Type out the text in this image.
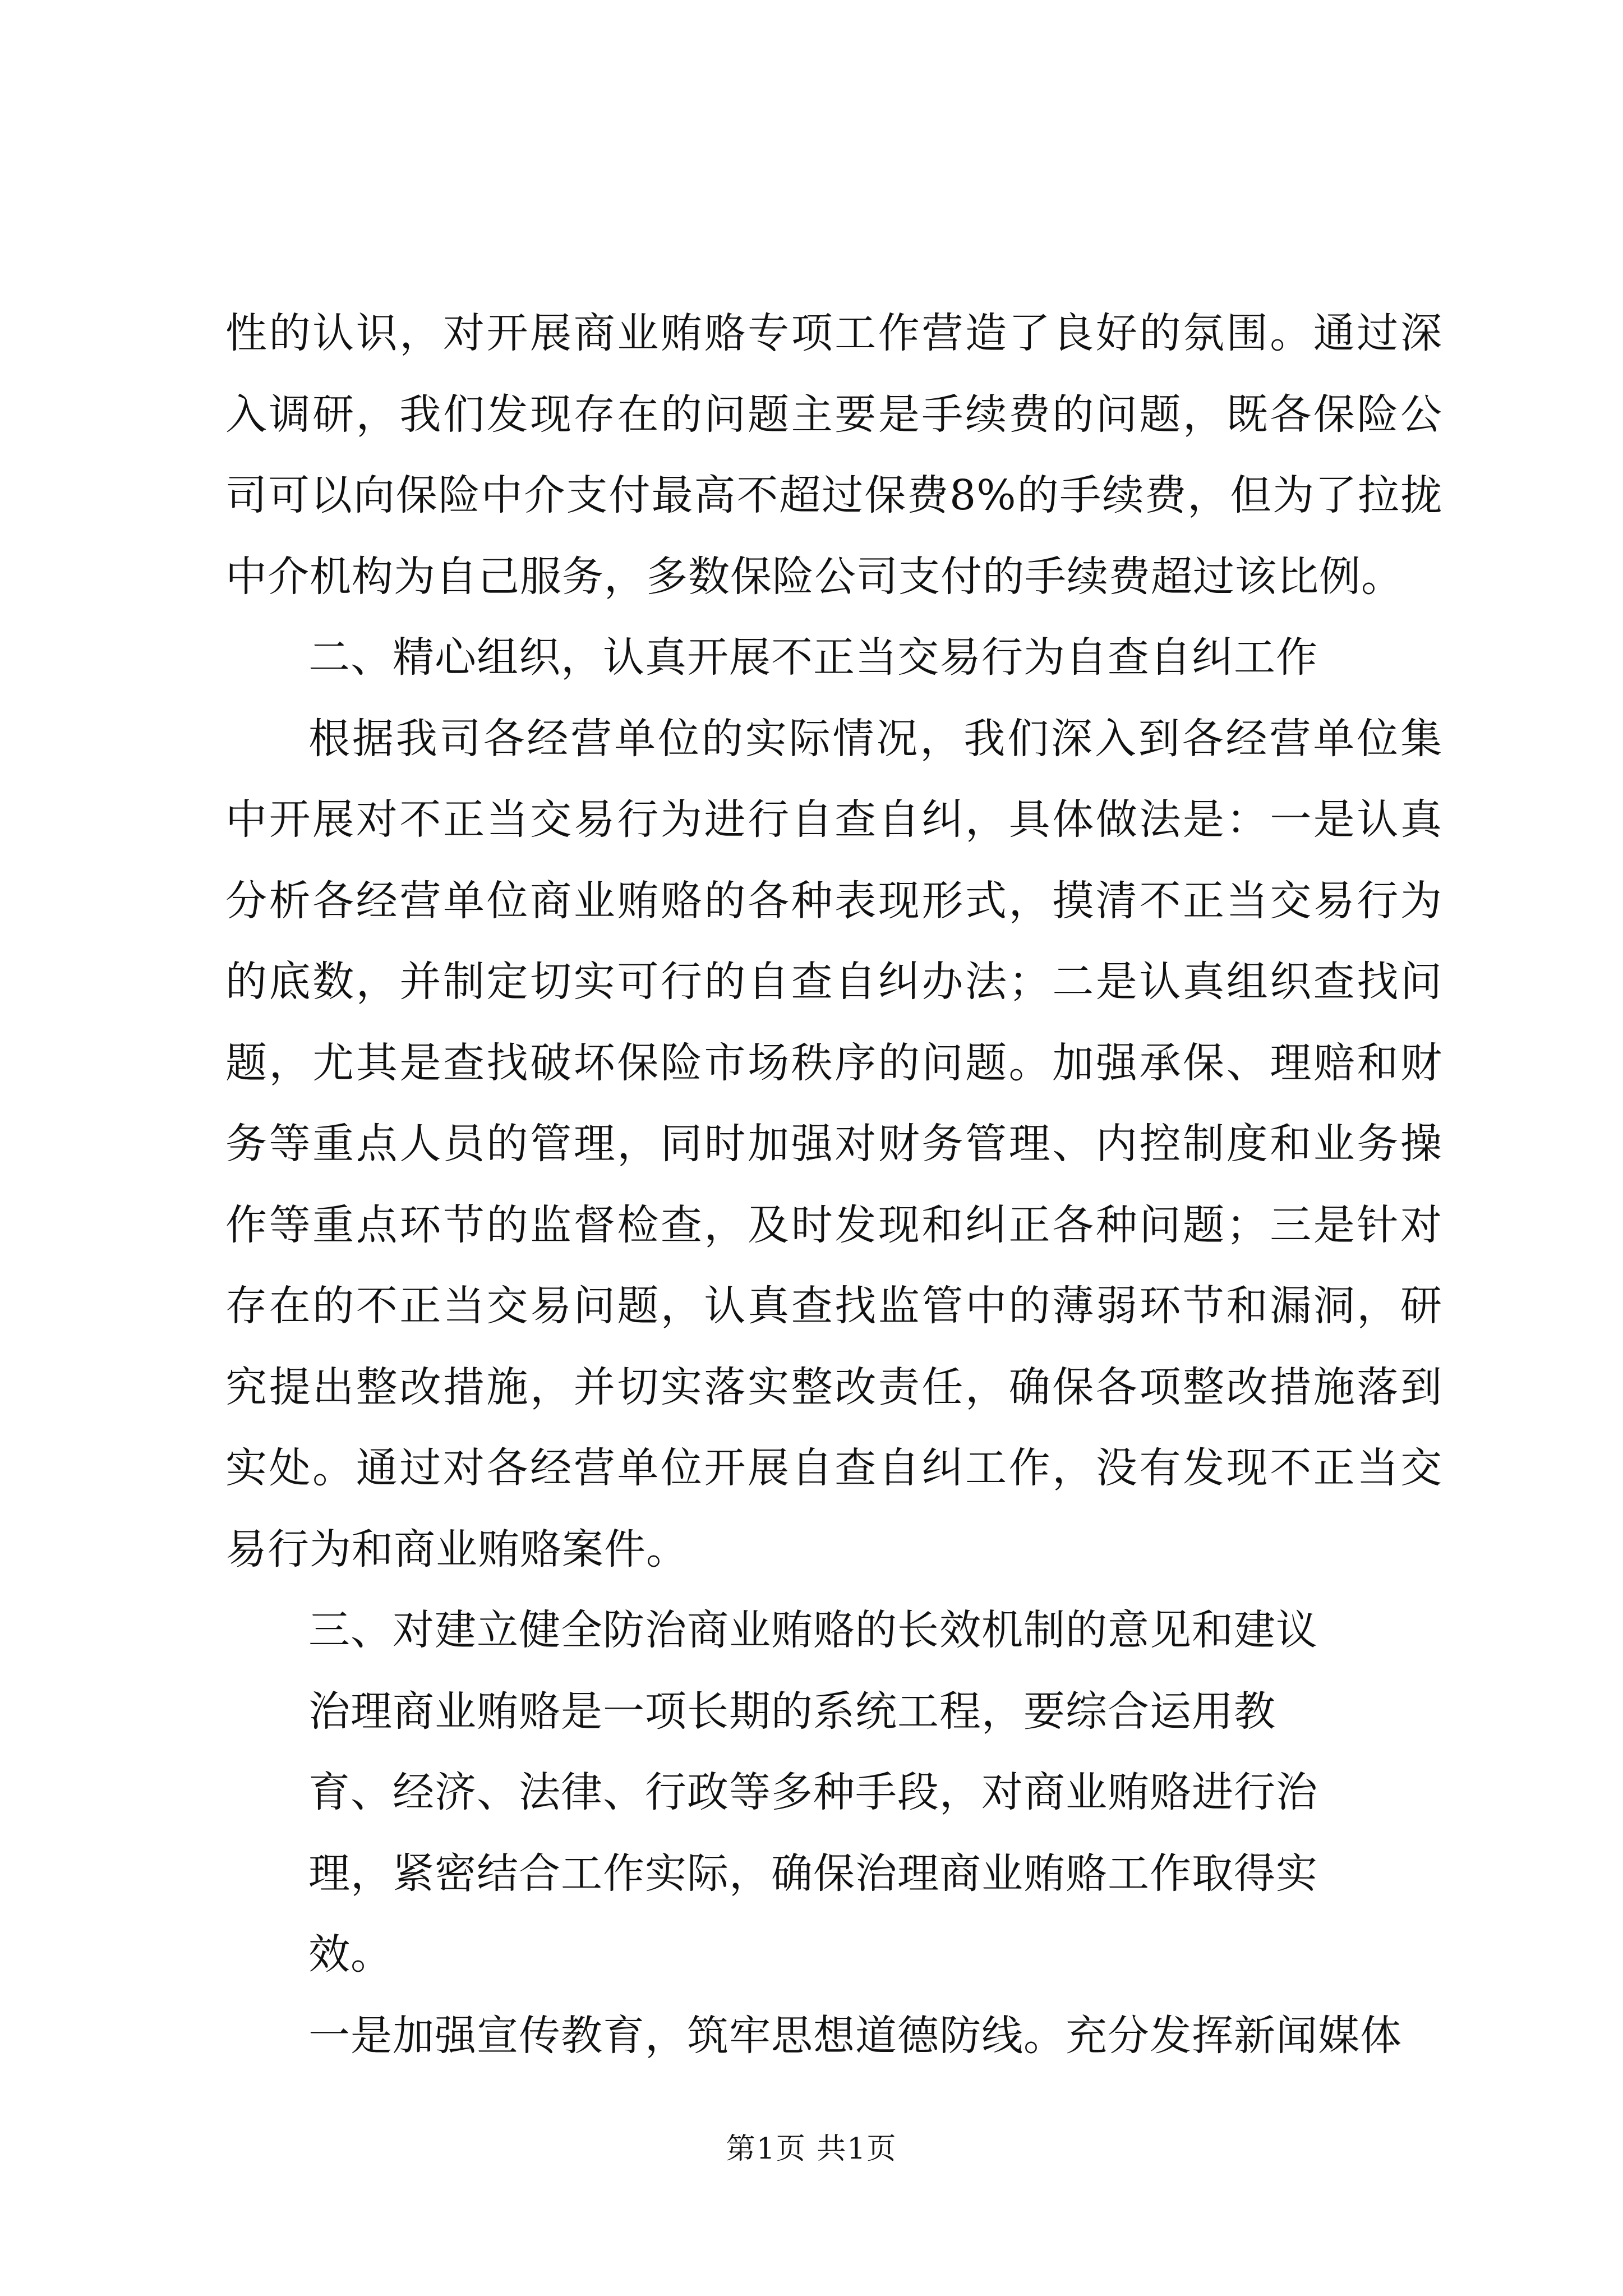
性的认识，对开展商业贿赂专项工作营造了良好的氛围。通过深入调研，我们发现存在的问题主要是手续费的问题，既各保险公司可以向保险中介支付最高不超过保费8%的手续费，但为了拉拢中介机构为自己服务，多数保险公司支付的手续费超过该比例。

二、精心组织，认真开展不正当交易行为自查自纠工作

根据我司各经营单位的实际情况，我们深入到各经营单位集中开展对不正当交易行为进行自查自纠，具体做法是：一是认真分析各经营单位商业贿赂的各种表现形式，摸清不正当交易行为的底数，并制定切实可行的自查自纠办法；二是认真组织查找问题，尤其是查找破坏保险市场秩序的问题。加强承保、理赔和财务等重点人员的管理，同时加强对财务管理、内控制度和业务操作等重点环节的监督检查，及时发现和纠正各种问题；三是针对存在的不正当交易问题，认真查找监管中的薄弱环节和漏洞，研究提出整改措施，并切实落实整改责任，确保各项整改措施落到实处。通过对各经营单位开展自查自纠工作，没有发现不正当交易行为和商业贿赂案件。

三、对建立健全防治商业贿赂的长效机制的意见和建议

治理商业贿赂是一项长期的系统工程，要综合运用教育、经济、法律、行政等多种手段，对商业贿赂进行治理，紧密结合工作实际，确保治理商业贿赂工作取得实效。

一是加强宣传教育，筑牢思想道德防线。充分发挥新闻媒体

第1页 共1页
